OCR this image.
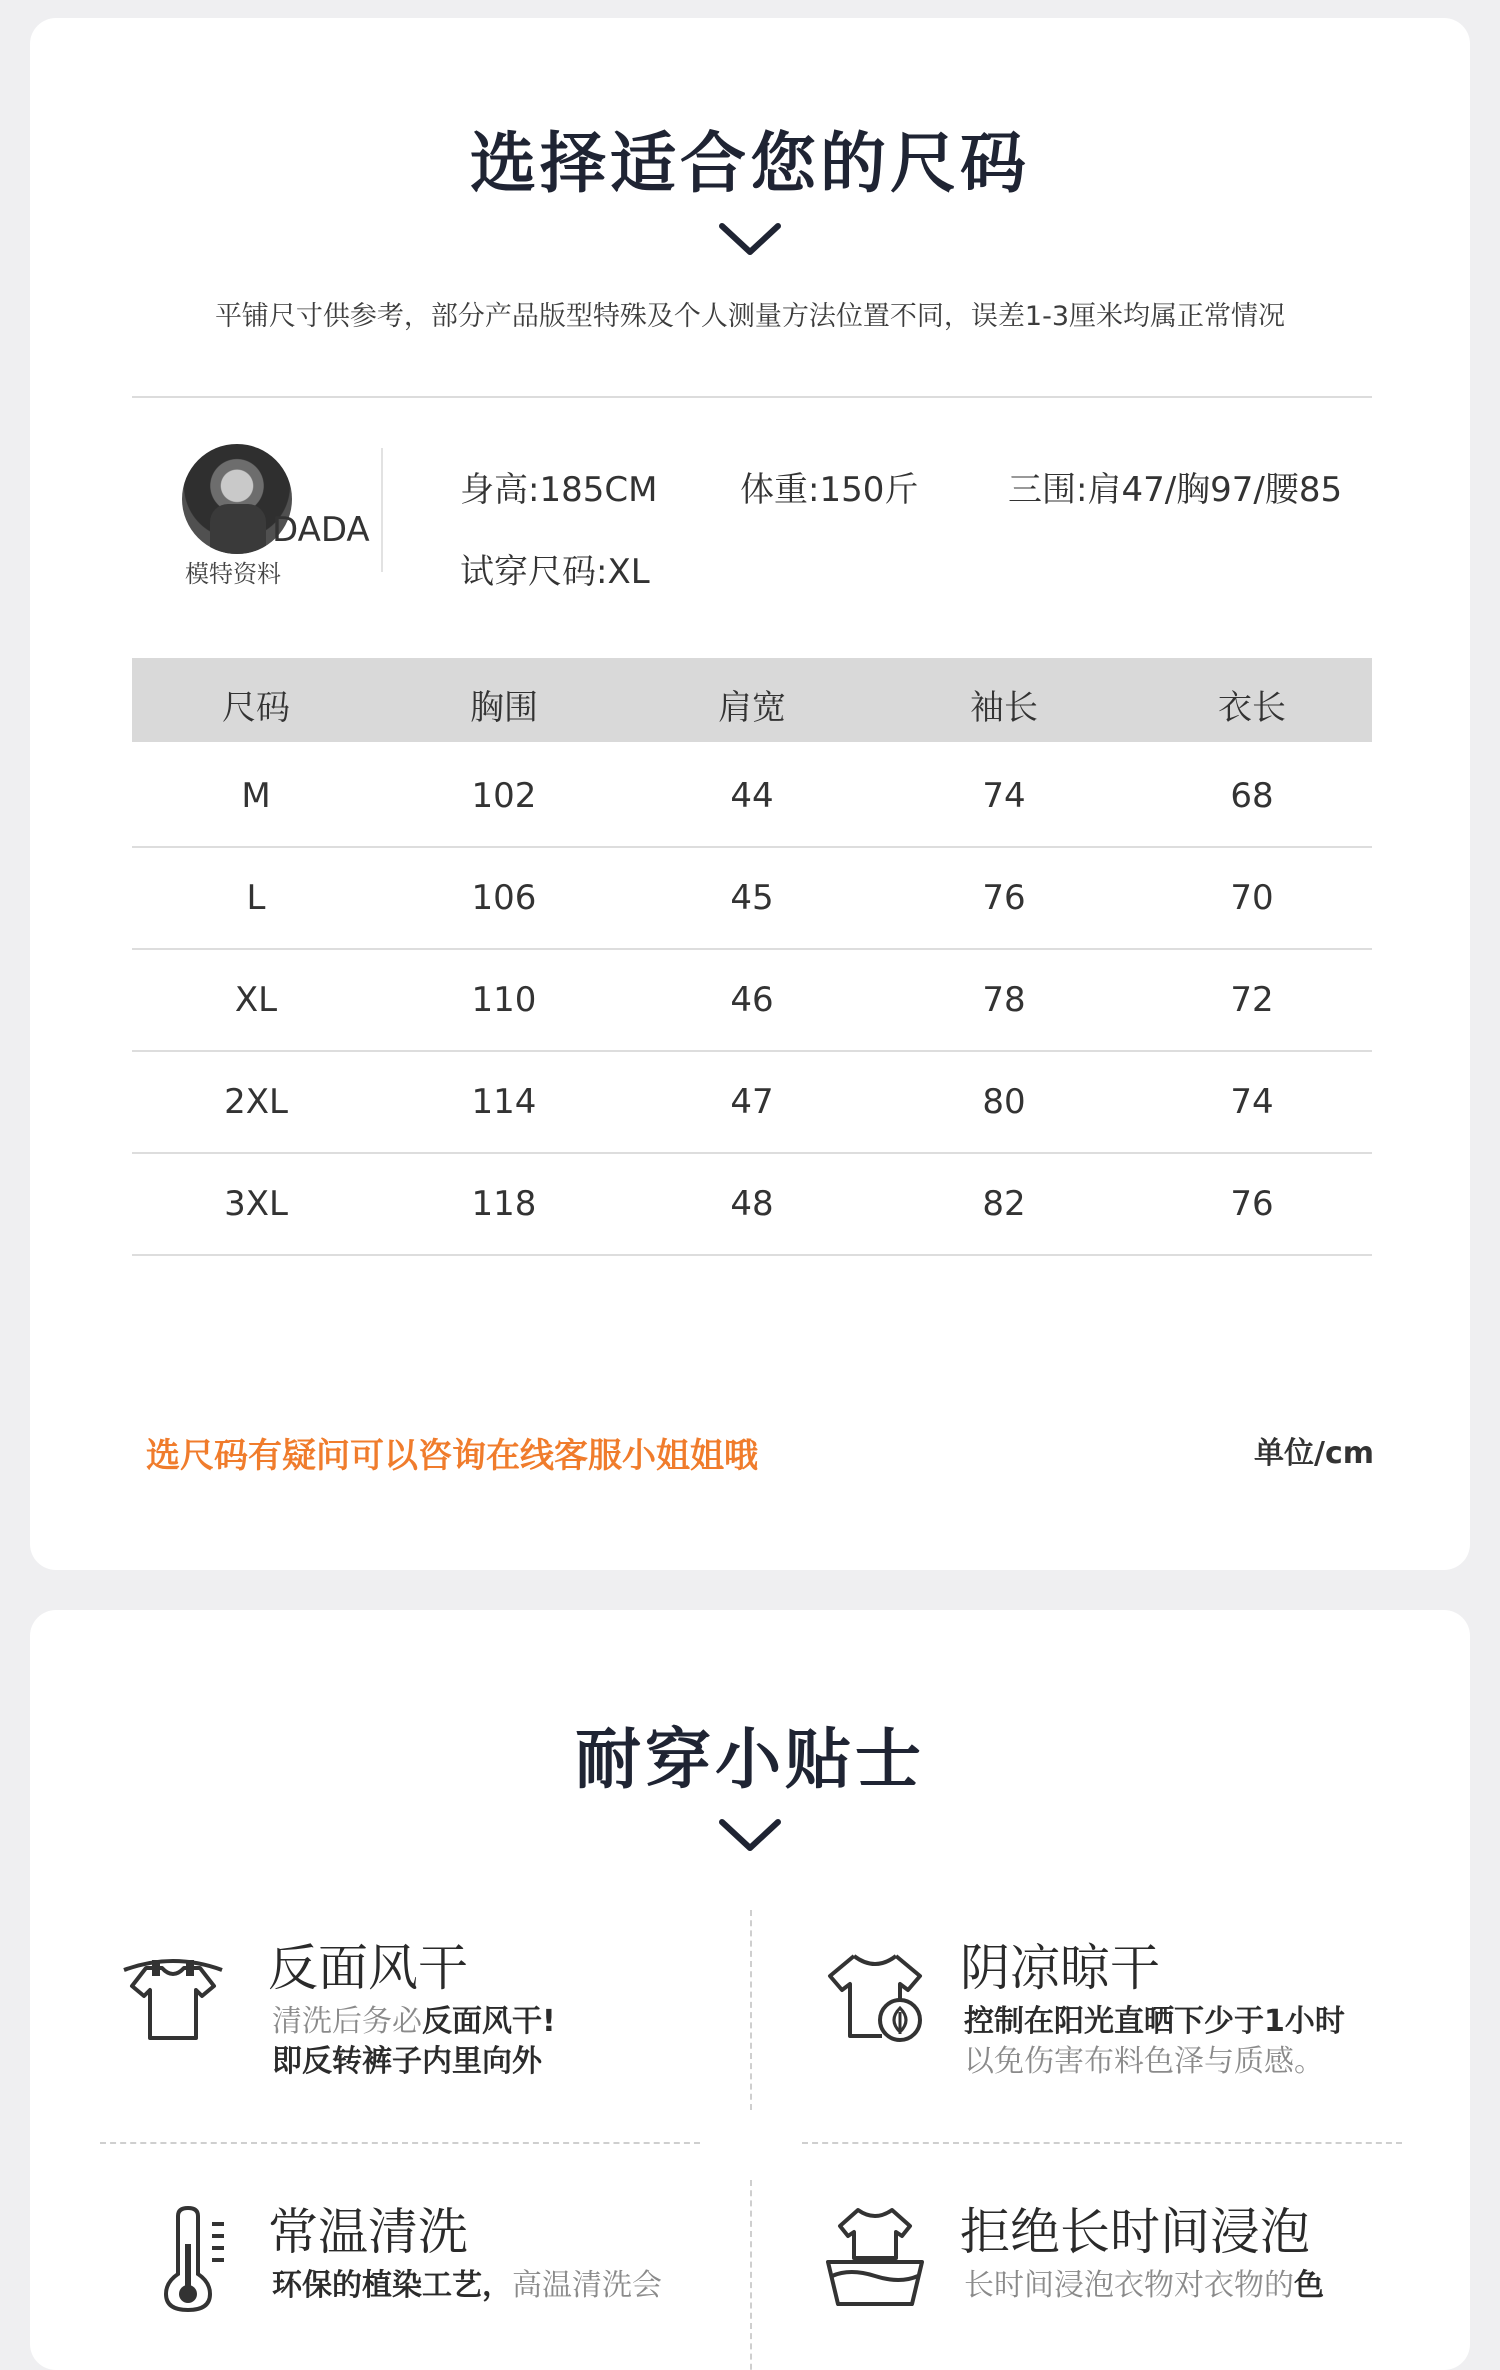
选择适合您的尺码
平铺尺寸供参考，部分产品版型特殊及个人测量方法位置不同，误差1-3厘米均属正常情况
DADA
模特资料
身高:185CM 体重:150斤	三围:肩47/胸97/腰85
试穿尺码:XL
尺码	胸围	肩宽	袖长	衣长
M	102	44	74	68
L	106	45	76	70
XL	110	46	78	72
2XL	114	47	80	74
3XL	118	48	82	76
选尺码有疑问可以咨询在线客服小姐姐哦	单位/cm
耐穿小贴士
反面风干
清洗后务必反面风干!
即反转裤子内里向外
阴凉晾干
控制在阳光直晒下少于1小时
以免伤害布料色泽与质感。
常温清洗
环保的植染工艺，高温清洗会
拒绝长时间浸泡
长时间浸泡衣物对衣物的色
